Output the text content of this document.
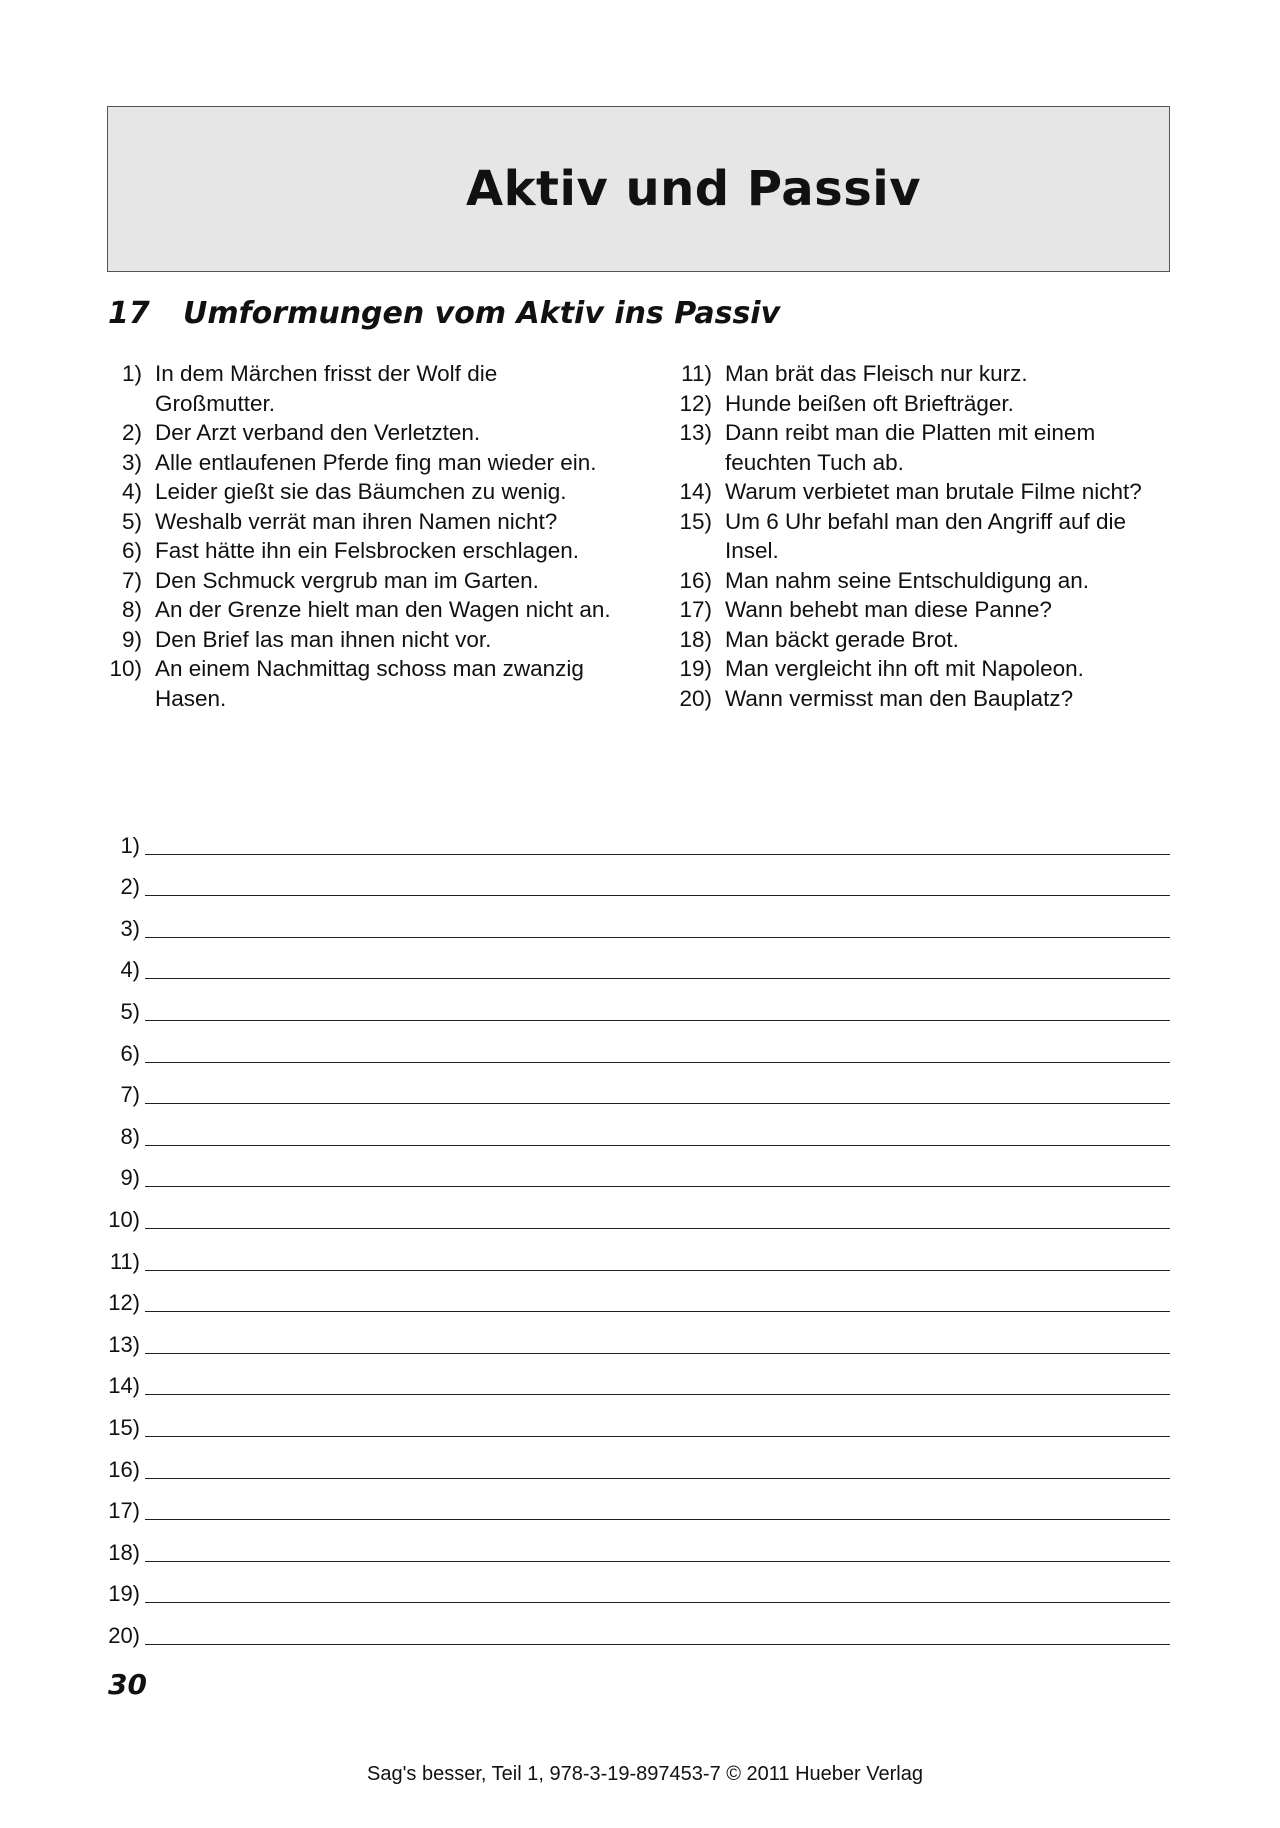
Aktiv und Passiv
17 Umformungen vom Aktiv ins Passiv
1) In dem Märchen frisst der Wolf die Großmutter.
2) Der Arzt verband den Verletzten.
3) Alle entlaufenen Pferde fing man wieder ein.
4) Leider gießt sie das Bäumchen zu wenig.
5) Weshalb verrät man ihren Namen nicht?
6) Fast hätte ihn ein Felsbrocken erschlagen.
7) Den Schmuck vergrub man im Garten.
8) An der Grenze hielt man den Wagen nicht an.
9) Den Brief las man ihnen nicht vor.
10) An einem Nachmittag schoss man zwanzig Hasen.
11) Man brät das Fleisch nur kurz.
12) Hunde beißen oft Briefträger.
13) Dann reibt man die Platten mit einem feuchten Tuch ab.
14) Warum verbietet man brutale Filme nicht?
15) Um 6 Uhr befahl man den Angriff auf die Insel.
16) Man nahm seine Entschuldigung an.
17) Wann behebt man diese Panne?
18) Man bäckt gerade Brot.
19) Man vergleicht ihn oft mit Napoleon.
20) Wann vermisst man den Bauplatz?
1)
2)
3)
4)
5)
6)
7)
8)
9)
10)
11)
12)
13)
14)
15)
16)
17)
18)
19)
20)
30
Sag's besser, Teil 1, 978-3-19-897453-7 © 2011 Hueber Verlag
